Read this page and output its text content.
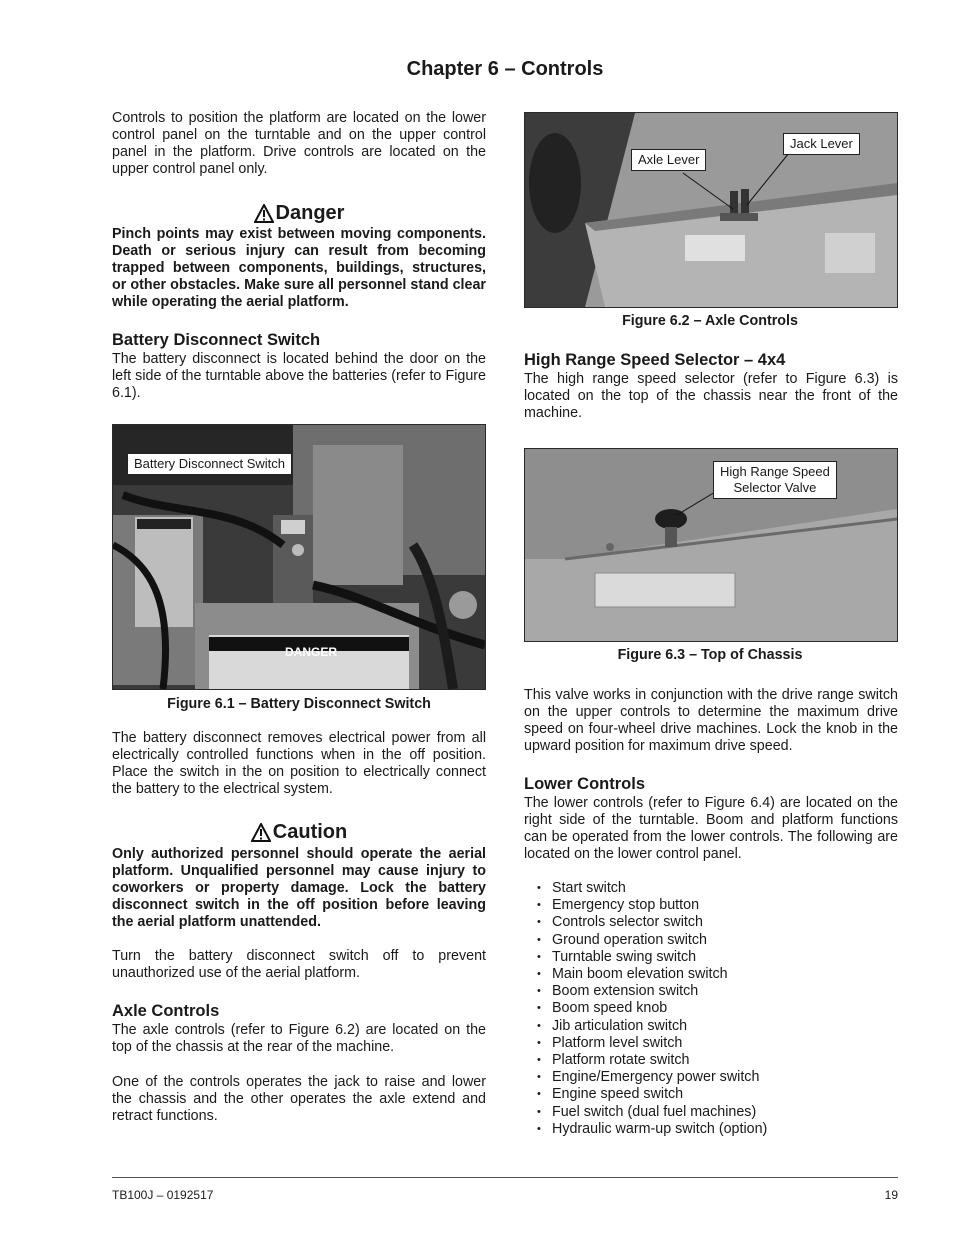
Chapter 6 – Controls
Controls to position the platform are located on the lower control panel on the turntable and on the upper control panel in the platform. Drive controls are located on the upper control panel only.
Danger
Pinch points may exist between moving components. Death or serious injury can result from becoming trapped between components, buildings, structures, or other obstacles. Make sure all personnel stand clear while operating the aerial platform.
Battery Disconnect Switch
The battery disconnect is located behind the door on the left side of the turntable above the batteries (refer to Figure 6.1).
Battery Disconnect Switch
DANGER
Figure 6.1 – Battery Disconnect Switch
The battery disconnect removes electrical power from all electrically controlled functions when in the off position. Place the switch in the on position to electrically connect the battery to the electrical system.
Caution
Only authorized personnel should operate the aerial platform. Unqualified personnel may cause injury to coworkers or property damage. Lock the battery disconnect switch in the off position before leaving the aerial platform unattended.
Turn the battery disconnect switch off to prevent unauthorized use of the aerial platform.
Axle Controls
The axle controls (refer to Figure 6.2) are located on the top of the chassis at the rear of the machine.
One of the controls operates the jack to raise and lower the chassis and the other operates the axle extend and retract functions.
Axle Lever
Jack Lever
Figure 6.2 – Axle Controls
High Range Speed Selector – 4x4
The high range speed selector (refer to Figure 6.3) is located on the top of the chassis near the front of the machine.
High Range Speed
Selector Valve
Figure 6.3 – Top of Chassis
This valve works in conjunction with the drive range switch on the upper controls to determine the maximum drive speed on four-wheel drive machines. Lock the knob in the upward position for maximum drive speed.
Lower Controls
The lower controls (refer to Figure 6.4) are located on the right side of the turntable. Boom and platform functions can be operated from the lower controls. The following are located on the lower control panel.
• Start switch
• Emergency stop button
• Controls selector switch
• Ground operation switch
• Turntable swing switch
• Main boom elevation switch
• Boom extension switch
• Boom speed knob
• Jib articulation switch
• Platform level switch
• Platform rotate switch
• Engine/Emergency power switch
• Engine speed switch
• Fuel switch (dual fuel machines)
• Hydraulic warm-up switch (option)
TB100J – 0192517	19
